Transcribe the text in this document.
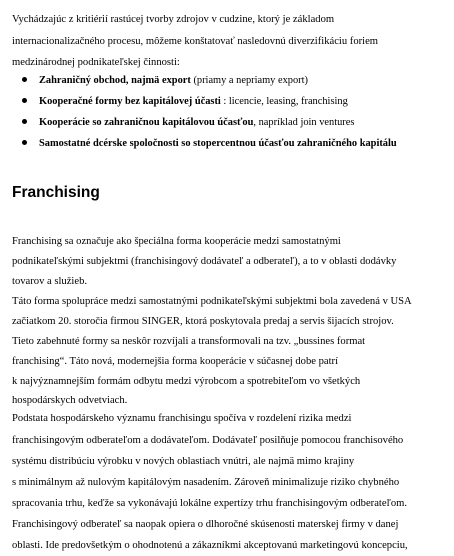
Vychádzajúc z kritiérií rastúcej tvorby zdrojov v cudzine, ktorý je základom
internacionalizačného procesu, môžeme konštatovať nasledovnú diverzifikáciu foriem
medzinárodnej podnikateľskej činnosti:
Zahraničný obchod, najmä export (priamy a nepriamy export)
Kooperačné formy bez kapitálovej účasti : licencie, leasing, franchising
Kooperácie so zahraničnou kapitálovou účasťou, napríklad join ventures
Samostatné dcérske spoločnosti so stopercentnou účasťou zahraničného kapitálu
Franchising
Franchising sa označuje ako špeciálna forma kooperácie medzi samostatnými
podnikateľskými subjektmi (franchisingový dodávateľ a odberateľ), a to v oblasti dodávky
tovarov a služieb.
Táto forma spolupráce medzi samostatnými podnikateľskými subjektmi bola zavedená v USA
začiatkom 20. storočia firmou SINGER, ktorá poskytovala predaj a servis šijacích strojov.
Tieto zabehnuté formy sa neskôr rozvíjali a transformovali na tzv. „bussines format
franchising“. Táto nová, modernejšia forma kooperácie v súčasnej dobe patrí
k najvýznamnejším formám odbytu medzi výrobcom a spotrebiteľom vo všetkých
hospodárskych odvetviach.
Podstata hospodárskeho významu franchisingu spočíva v rozdelení rizika medzi
franchisingovým odberateľom a dodávateľom. Dodávateľ posilňuje pomocou franchisového
systému distribúciu výrobku v nových oblastiach vnútri, ale najmä mimo krajiny
s minimálnym až nulovým kapitálovým nasadením. Zároveň minimalizuje riziko chybného
spracovania trhu, keďže sa vykonávajú lokálne expertízy trhu franchisingovým odberateľom.
Franchisingový odberateľ sa naopak opiera o dlhoročné skúsenosti materskej firmy v danej
oblasti. Ide predovšetkým o ohodnotenú a zákazníkmi akceptovanú marketingovú koncepciu,
